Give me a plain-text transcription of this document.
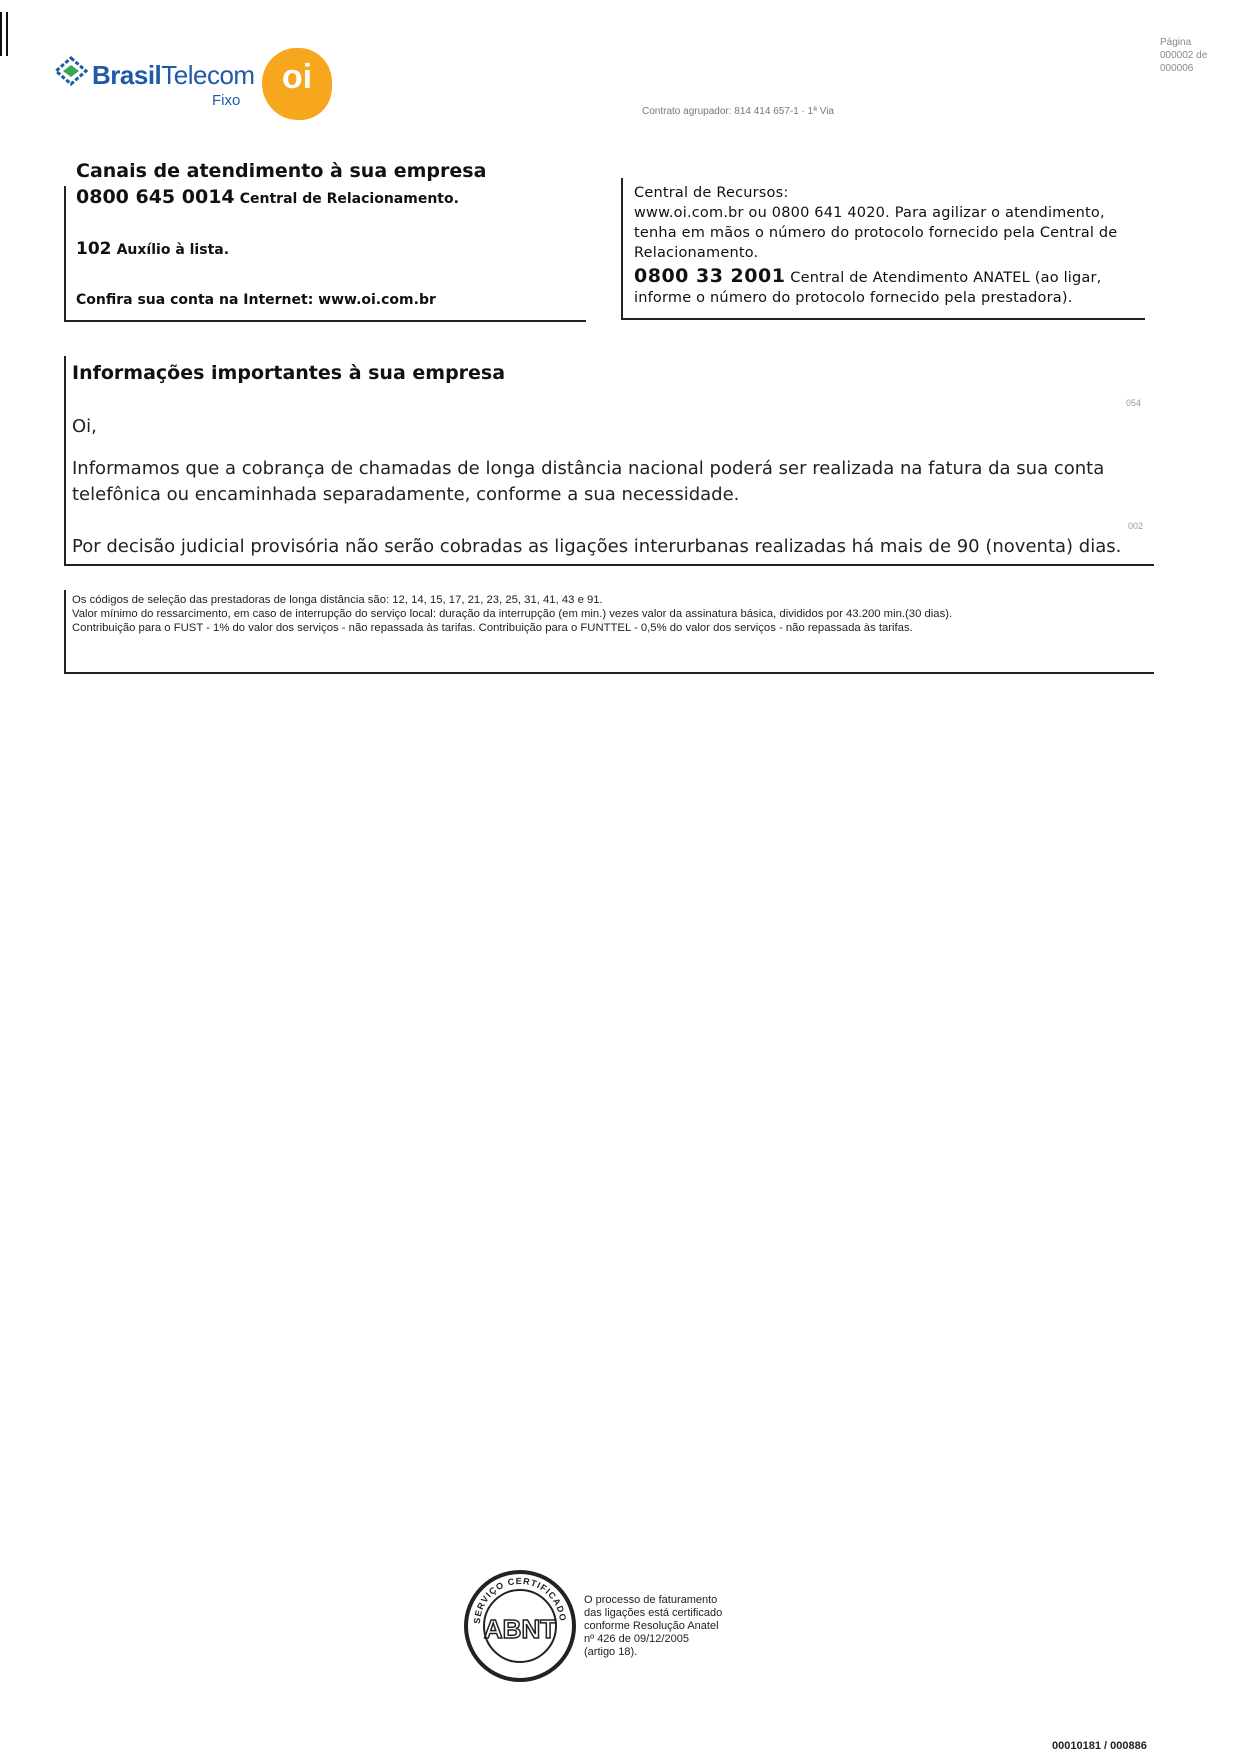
BrasilTelecom
Fixo
oi
Página
000002 de
000006
Contrato agrupador: 814 414 657-1 · 1ª Via
Canais de atendimento à sua empresa
0800 645 0014 Central de Relacionamento.
102 Auxílio à lista.
Confira sua conta na Internet: www.oi.com.br
Central de Recursos:
www.oi.com.br ou 0800 641 4020. Para agilizar o atendimento, tenha em mãos o número do protocolo fornecido pela Central de Relacionamento.
0800 33 2001 Central de Atendimento ANATEL (ao ligar, informe o número do protocolo fornecido pela prestadora).
Informações importantes à sua empresa
054
Oi,
Informamos que a cobrança de chamadas de longa distância nacional poderá ser realizada na fatura da sua conta telefônica ou encaminhada separadamente, conforme a sua necessidade.
002
Por decisão judicial provisória não serão cobradas as ligações interurbanas realizadas há mais de 90 (noventa) dias.

Os códigos de seleção das prestadoras de longa distância são: 12, 14, 15, 17, 21, 23, 25, 31, 41, 43 e 91.

Valor mínimo do ressarcimento, em caso de interrupção do serviço local: duração da interrupção (em min.) vezes valor da assinatura básica, divididos por 43.200 min.(30 dias).

Contribuição para o FUST - 1% do valor dos serviços - não repassada às tarifas. Contribuição para o FUNTTEL - 0,5% do valor dos serviços - não repassada às tarifas.

SERVIÇO CERTIFICADO
ABNT
O processo de faturamento
das ligações está certificado
conforme Resolução Anatel
nº 426 de 09/12/2005
(artigo 18).
00010181 / 000886
